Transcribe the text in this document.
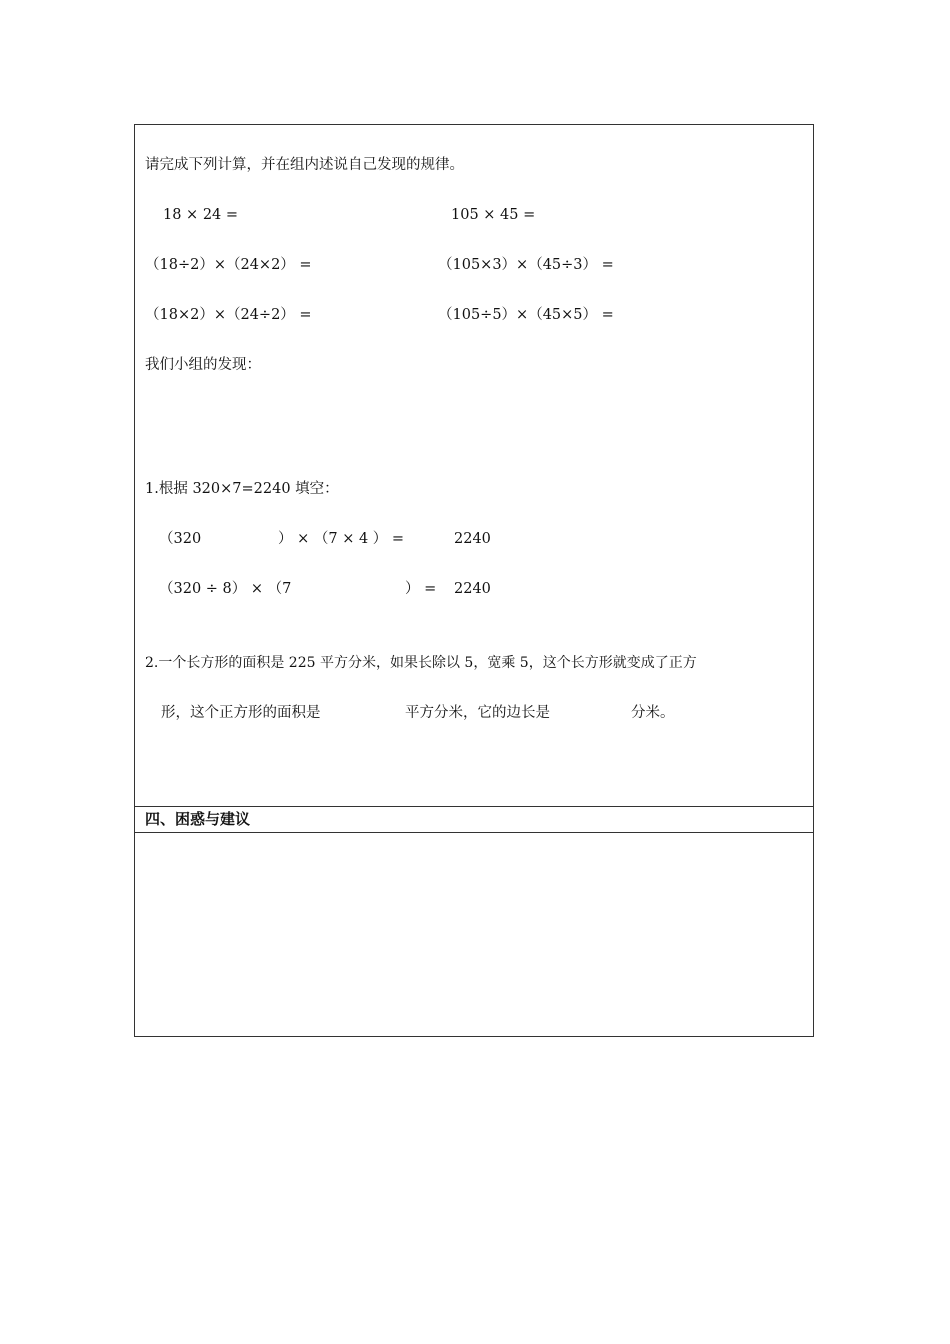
请完成下列计算，并在组内述说自己发现的规律。
18 × 24 =	105 × 45 =
（18÷2）×（24×2） =	（105×3）×（45÷3） =
（18×2）×（24÷2） =	（105÷5）×（45×5） =
我们小组的发现：
1.根据 320×7=2240 填空：
（320	） × （7 × 4 ） =	2240
（320 ÷ 8） × （7	） = 2240
2.一个长方形的面积是 225 平方分米，如果长除以 5，宽乘 5，这个长方形就变成了正方
形，这个正方形的面积是	平方分米，它的边长是	分米。
四、困惑与建议
